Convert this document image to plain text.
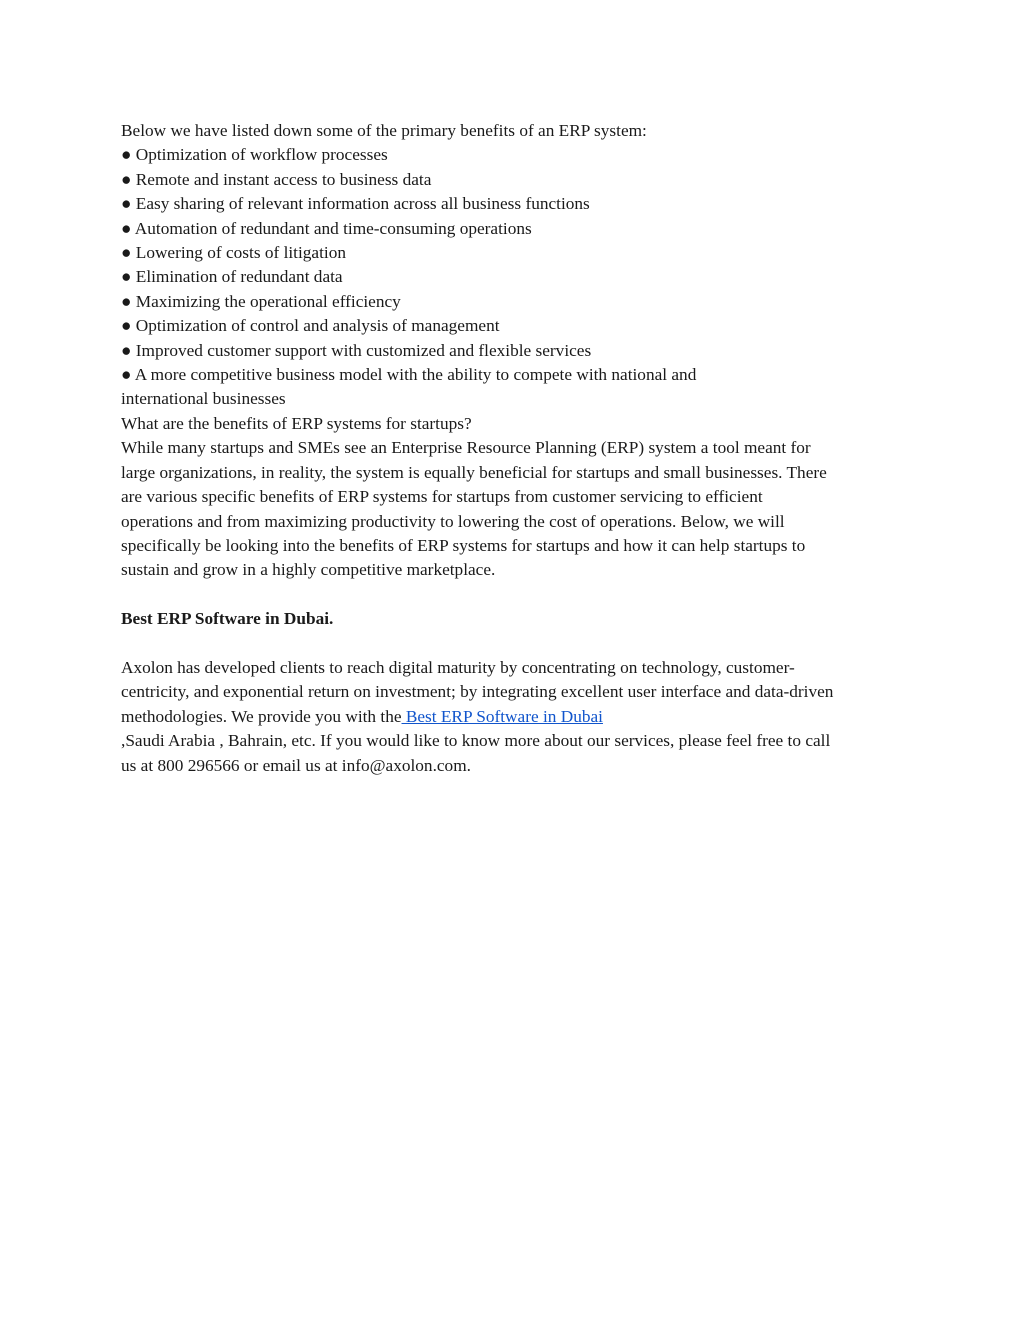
Below we have listed down some of the primary benefits of an ERP system:
● Optimization of workflow processes
● Remote and instant access to business data
● Easy sharing of relevant information across all business functions
● Automation of redundant and time-consuming operations
● Lowering of costs of litigation
● Elimination of redundant data
● Maximizing the operational efficiency
● Optimization of control and analysis of management
● Improved customer support with customized and flexible services
● A more competitive business model with the ability to compete with national and international businesses
What are the benefits of ERP systems for startups?
While many startups and SMEs see an Enterprise Resource Planning (ERP) system a tool meant for large organizations, in reality, the system is equally beneficial for startups and small businesses. There are various specific benefits of ERP systems for startups from customer servicing to efficient operations and from maximizing productivity to lowering the cost of operations. Below, we will specifically be looking into the benefits of ERP systems for startups and how it can help startups to sustain and grow in a highly competitive marketplace.
Best ERP Software in Dubai.
Axolon has developed clients to reach digital maturity by concentrating on technology, customer-centricity, and exponential return on investment; by integrating excellent user interface and data-driven methodologies. We provide you with the Best ERP Software in Dubai
,Saudi Arabia , Bahrain, etc. If you would like to know more about our services, please feel free to call us at 800 296566 or email us at info@axolon.com.
